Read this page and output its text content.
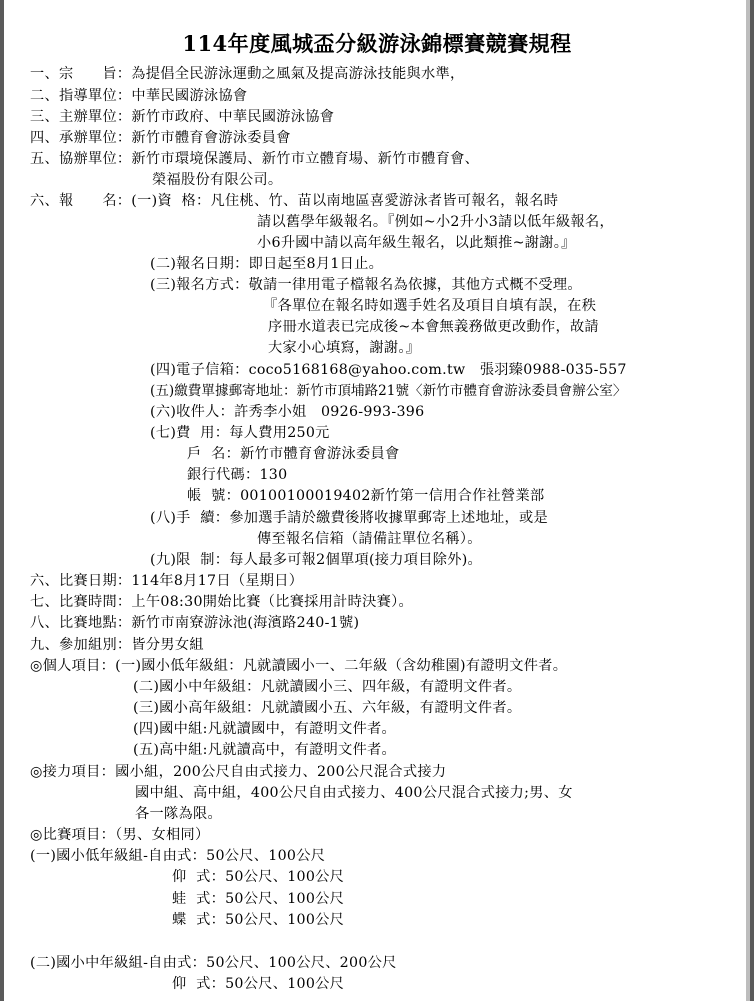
114年度風城盃分級游泳錦標賽競賽規程
一、宗      旨：為提倡全民游泳運動之風氣及提高游泳技能與水準，
二、指導單位：中華民國游泳協會
三、主辦單位：新竹市政府、中華民國游泳協會
四、承辦單位：新竹市體育會游泳委員會
五、協辦單位：新竹市環境保護局、新竹市立體育場、新竹市體育會、
榮福股份有限公司。
六、報      名：(一)資  格：凡住桃、竹、苗以南地區喜愛游泳者皆可報名，報名時
請以舊學年級報名。『例如~小2升小3請以低年級報名，
小6升國中請以高年級生報名，以此類推~謝謝。』
(二)報名日期：即日起至8月1日止。
(三)報名方式：敬請一律用電子檔報名為依據，其他方式概不受理。
『各單位在報名時如選手姓名及項目自填有誤，在秩
序冊水道表已完成後~本會無義務做更改動作，故請
大家小心填寫，謝謝。』
(四)電子信箱：coco5168168@yahoo.com.tw   張羽臻0988-035-557
(五)繳費單據郵寄地址：新竹市頂埔路21號〈新竹市體育會游泳委員會辦公室〉
(六)收件人：許秀李小姐   0926-993-396
(七)費  用：每人費用250元
戶  名：新竹市體育會游泳委員會
銀行代碼：130
帳  號：00100100019402新竹第一信用合作社營業部
(八)手  續：參加選手請於繳費後將收據單郵寄上述地址，或是
傳至報名信箱（請備註單位名稱）。
(九)限  制：每人最多可報2個單項(接力項目除外)。
六、比賽日期：114年8月17日（星期日）
七、比賽時間：上午08:30開始比賽（比賽採用計時決賽）。
八、比賽地點：新竹市南寮游泳池(海濱路240-1號)
九、參加組別：皆分男女組
◎個人項目：(一)國小低年級組：凡就讀國小一、二年級（含幼稚園)有證明文件者。
(二)國小中年級組：凡就讀國小三、四年級，有證明文件者。
(三)國小高年級組：凡就讀國小五、六年級，有證明文件者。
(四)國中組:凡就讀國中，有證明文件者。
(五)高中組:凡就讀高中，有證明文件者。
◎接力項目：國小組，200公尺自由式接力、200公尺混合式接力
國中組、高中組，400公尺自由式接力、400公尺混合式接力;男、女
各一隊為限。
◎比賽項目：（男、女相同）
(一)國小低年級組-自由式：50公尺、100公尺
仰  式：50公尺、100公尺
蛙  式：50公尺、100公尺
蝶  式：50公尺、100公尺
(二)國小中年級組-自由式：50公尺、100公尺、200公尺
仰  式：50公尺、100公尺
